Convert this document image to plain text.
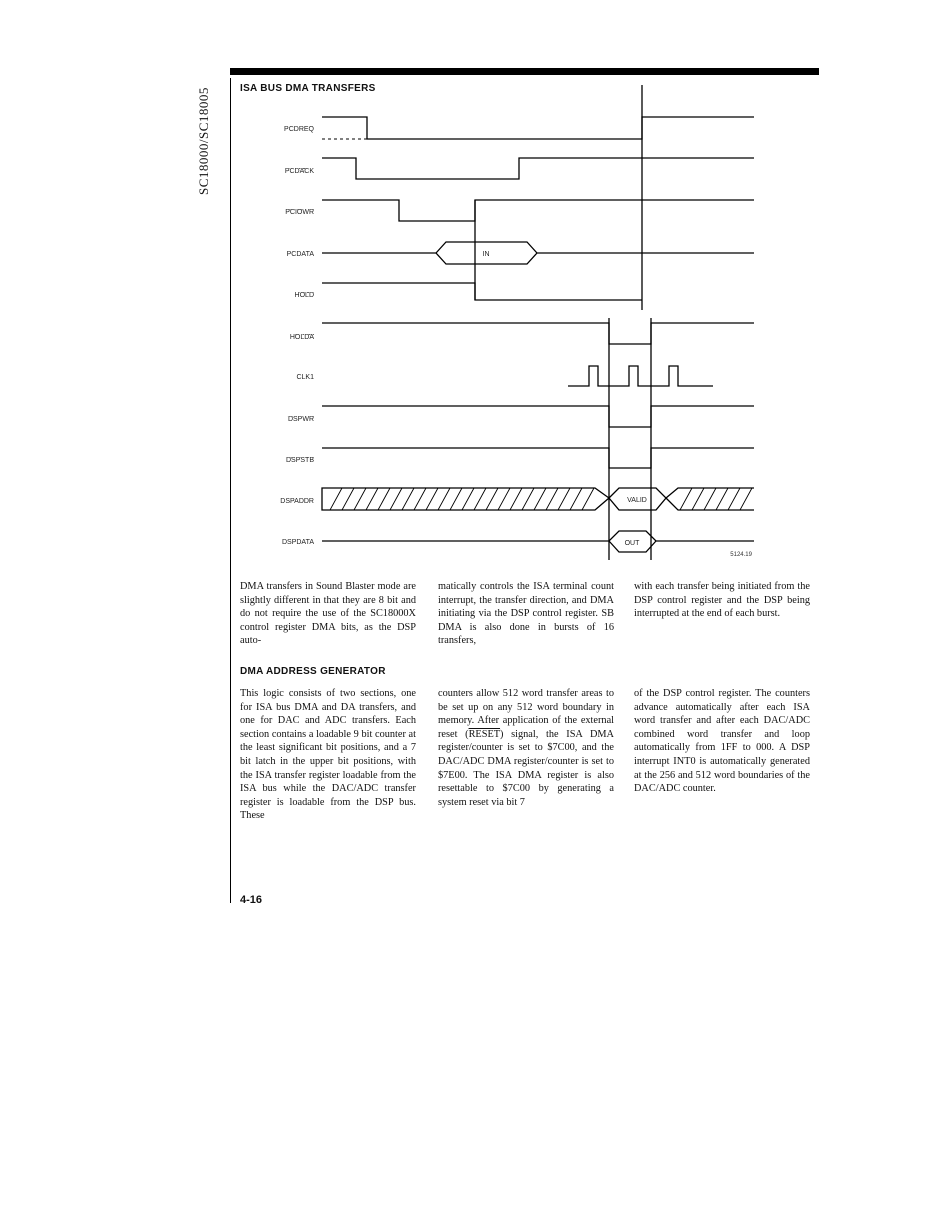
SC18000/SC18005	ISA BUS DMA TRANSFERS
PCDREQ
PCDACK
PCIOWR
PCDATA
HOLD
HOLDA
CLK1
DSPWR
DSPSTB
DSPADDR
DSPDATA
IN
VALID
OUT
5124.19
DMA transfers in Sound Blaster mode are slightly different in that they are 8 bit and do not require the use of the SC18000X control register DMA bits, as the DSP auto-
matically controls the ISA terminal count interrupt, the transfer direction, and DMA initiating via the DSP control register. SB DMA is also done in bursts of 16 transfers,
with each transfer being initiated from the DSP control register and the DSP being interrupted at the end of each burst.
DMA ADDRESS GENERATOR
This logic consists of two sections, one for ISA bus DMA and DA transfers, and one for DAC and ADC transfers. Each section contains a loadable 9 bit counter at the least significant bit positions, and a 7 bit latch in the upper bit positions, with the ISA transfer register loadable from the ISA bus while the DAC/ADC transfer register is loadable from the DSP bus. These
counters allow 512 word transfer areas to be set up on any 512 word boundary in memory. After application of the external reset (RESET) signal, the ISA DMA register/counter is set to $7C00, and the DAC/ADC DMA register/counter is set to $7E00. The ISA DMA register is also resettable to $7C00 by generating a system reset via bit 7
of the DSP control register. The counters advance automatically after each ISA word transfer and after each DAC/ADC combined word transfer and loop automatically from 1FF to 000. A DSP interrupt INT0 is automatically generated at the 256 and 512 word boundaries of the DAC/ADC counter.
4-16
